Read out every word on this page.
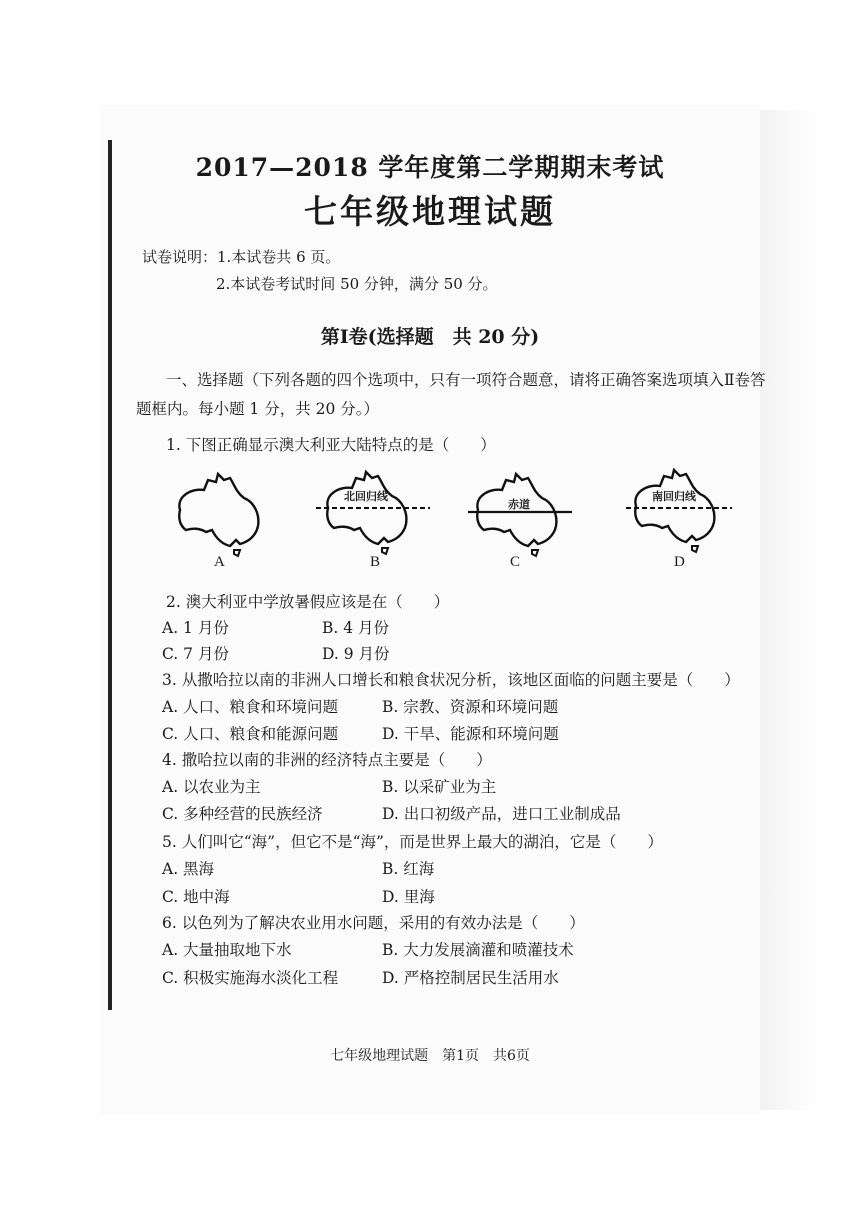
2017—2018 学年度第二学期期末考试
七年级地理试题
试卷说明：1.本试卷共 6 页。
2.本试卷考试时间 50 分钟，满分 50 分。
第Ⅰ卷(选择题　共 20 分)
一、选择题（下列各题的四个选项中，只有一项符合题意，请将正确答案选项填入Ⅱ卷答
题框内。每小题 1 分，共 20 分。）
1. 下图正确显示澳大利亚大陆特点的是（　　）
北回归线
赤道
南回归线
A	B	C	D
2. 澳大利亚中学放暑假应该是在（　　）
A. 1 月份	B. 4 月份
C. 7 月份	D. 9 月份
3. 从撒哈拉以南的非洲人口增长和粮食状况分析，该地区面临的问题主要是（　　）
A. 人口、粮食和环境问题	B. 宗教、资源和环境问题
C. 人口、粮食和能源问题	D. 干旱、能源和环境问题
4. 撒哈拉以南的非洲的经济特点主要是（　　）
A. 以农业为主	B. 以采矿业为主
C. 多种经营的民族经济	D. 出口初级产品，进口工业制成品
5. 人们叫它“海”，但它不是“海”，而是世界上最大的湖泊，它是（　　）
A. 黑海	B. 红海
C. 地中海	D. 里海
6. 以色列为了解决农业用水问题，采用的有效办法是（　　）
A. 大量抽取地下水	B. 大力发展滴灌和喷灌技术
C. 积极实施海水淡化工程	D. 严格控制居民生活用水
七年级地理试题　第1页　共6页
